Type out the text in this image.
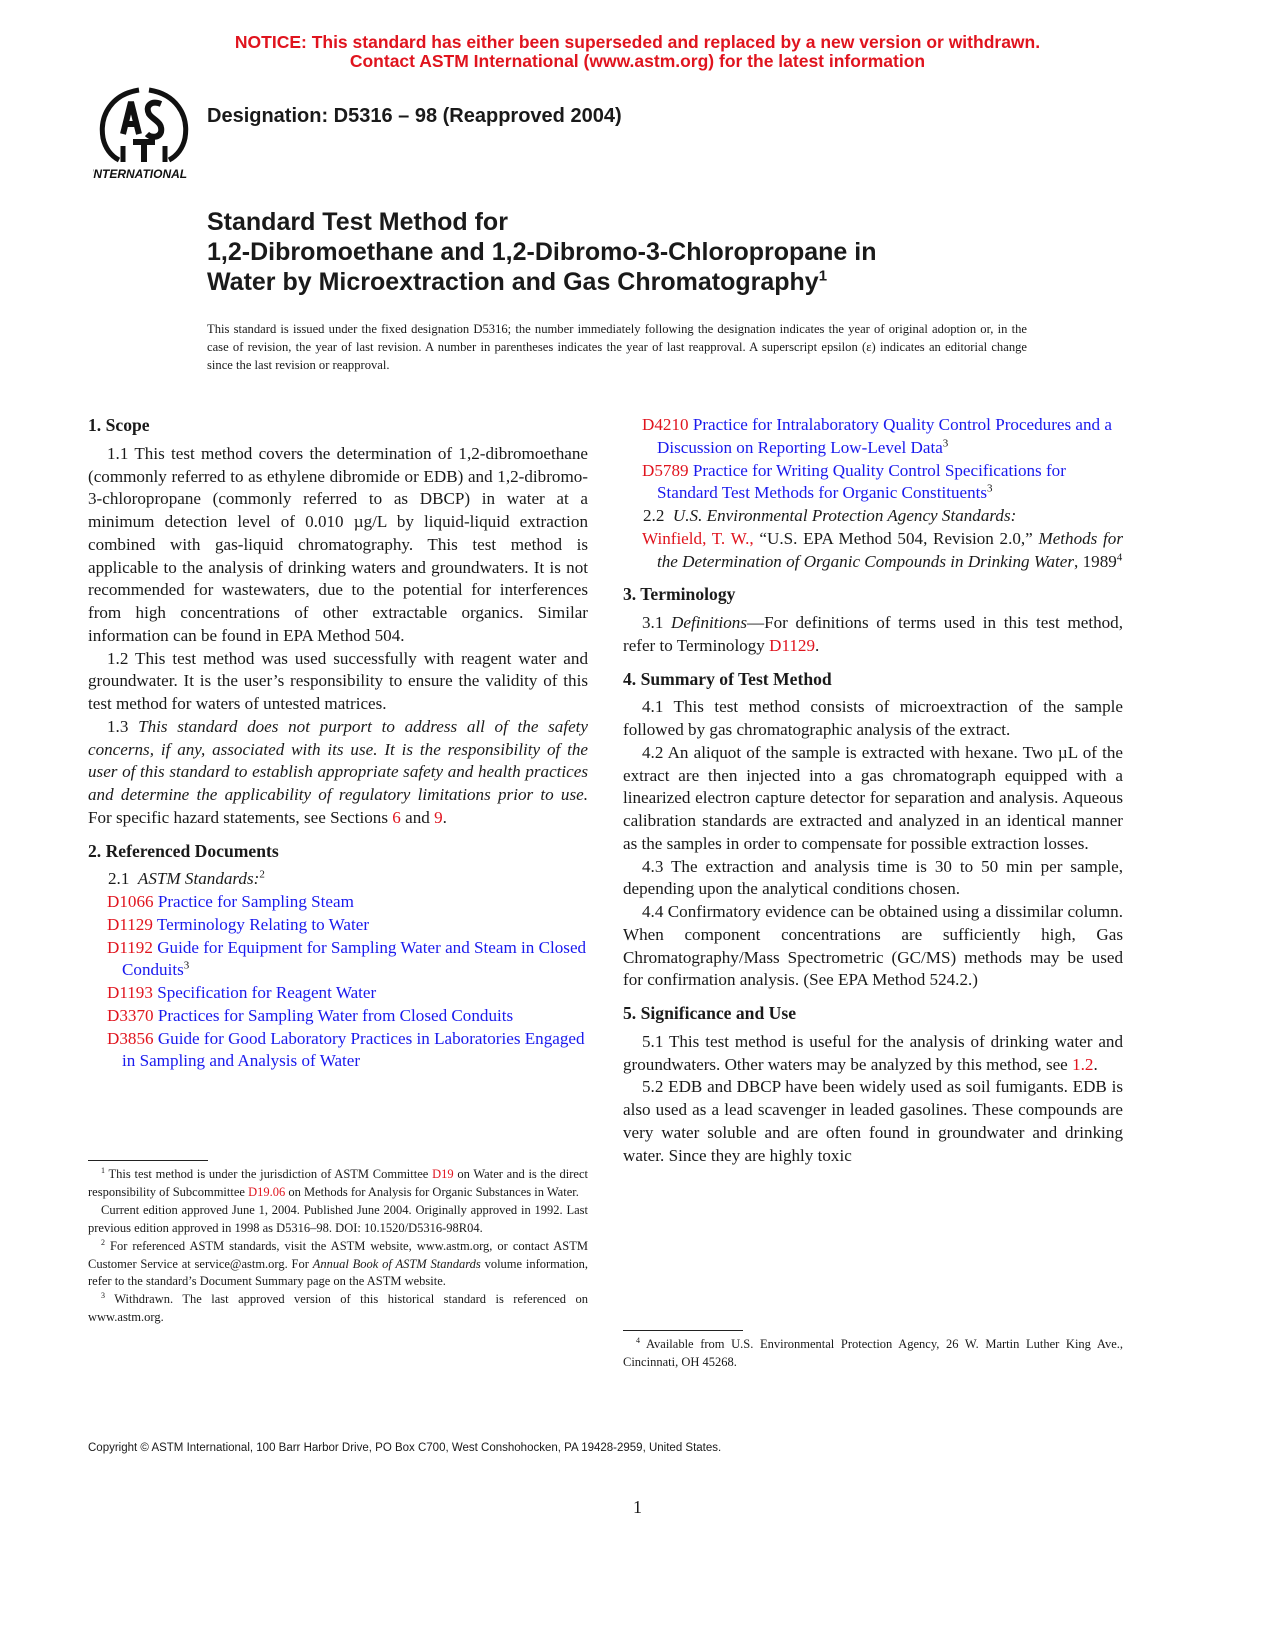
NOTICE: This standard has either been superseded and replaced by a new version or withdrawn.
Contact ASTM International (www.astm.org) for the latest information
INTERNATIONAL
Designation: D5316 – 98 (Reapproved 2004)
Standard Test Method for
1,2-Dibromoethane and 1,2-Dibromo-3-Chloropropane in
Water by Microextraction and Gas Chromatography$^1$
This standard is issued under the fixed designation D5316; the number immediately following the designation indicates the year of original adoption or, in the case of revision, the year of last revision. A number in parentheses indicates the year of last reapproval. A superscript epsilon (ε) indicates an editorial change since the last revision or reapproval.
1. Scope

1.1 This test method covers the determination of 1,2-dibromoethane (commonly referred to as ethylene dibromide or EDB) and 1,2-dibromo-3-chloropropane (commonly referred to as DBCP) in water at a minimum detection level of 0.010 µg/L by liquid-liquid extraction combined with gas-liquid chromatography. This test method is applicable to the analysis of drinking waters and groundwaters. It is not recommended for wastewaters, due to the potential for interferences from high concentrations of other extractable organics. Similar information can be found in EPA Method 504.

1.2 This test method was used successfully with reagent water and groundwater. It is the user’s responsibility to ensure the validity of this test method for waters of untested matrices.

1.3 This standard does not purport to address all of the safety concerns, if any, associated with its use. It is the responsibility of the user of this standard to establish appropriate safety and health practices and determine the applicability of regulatory limitations prior to use. For specific hazard statements, see Sections 6 and 9.

2. Referenced Documents
2.1 ASTM Standards:$^2$
D1066 Practice for Sampling Steam
D1129 Terminology Relating to Water
D1192 Guide for Equipment for Sampling Water and Steam in Closed Conduits$^3$
D1193 Specification for Reagent Water
D3370 Practices for Sampling Water from Closed Conduits
D3856 Guide for Good Laboratory Practices in Laboratories Engaged in Sampling and Analysis of Water
D4210 Practice for Intralaboratory Quality Control Procedures and a Discussion on Reporting Low-Level Data$^3$
D5789 Practice for Writing Quality Control Specifications for Standard Test Methods for Organic Constituents$^3$
2.2 U.S. Environmental Protection Agency Standards:
Winfield, T. W., “U.S. EPA Method 504, Revision 2.0,” Methods for the Determination of Organic Compounds in Drinking Water, 1989$^4$
3. Terminology

3.1 Definitions—For definitions of terms used in this test method, refer to Terminology D1129.

4. Summary of Test Method

4.1 This test method consists of microextraction of the sample followed by gas chromatographic analysis of the extract.

4.2 An aliquot of the sample is extracted with hexane. Two µL of the extract are then injected into a gas chromatograph equipped with a linearized electron capture detector for separation and analysis. Aqueous calibration standards are extracted and analyzed in an identical manner as the samples in order to compensate for possible extraction losses.

4.3 The extraction and analysis time is 30 to 50 min per sample, depending upon the analytical conditions chosen.

4.4 Confirmatory evidence can be obtained using a dissimilar column. When component concentrations are sufficiently high, Gas Chromatography/Mass Spectrometric (GC/MS) methods may be used for confirmation analysis. (See EPA Method 524.2.)

5. Significance and Use

5.1 This test method is useful for the analysis of drinking water and groundwaters. Other waters may be analyzed by this method, see 1.2.

5.2 EDB and DBCP have been widely used as soil fumigants. EDB is also used as a lead scavenger in leaded gasolines. These compounds are very water soluble and are often found in groundwater and drinking water. Since they are highly toxic

$^1$ This test method is under the jurisdiction of ASTM Committee D19 on Water and is the direct responsibility of Subcommittee D19.06 on Methods for Analysis for Organic Substances in Water.

Current edition approved June 1, 2004. Published June 2004. Originally approved in 1992. Last previous edition approved in 1998 as D5316–98. DOI: 10.1520/D5316-98R04.

$^2$ For referenced ASTM standards, visit the ASTM website, www.astm.org, or contact ASTM Customer Service at service@astm.org. For Annual Book of ASTM Standards volume information, refer to the standard’s Document Summary page on the ASTM website.

$^3$ Withdrawn. The last approved version of this historical standard is referenced on www.astm.org.

$^4$ Available from U.S. Environmental Protection Agency, 26 W. Martin Luther King Ave., Cincinnati, OH 45268.

Copyright © ASTM International, 100 Barr Harbor Drive, PO Box C700, West Conshohocken, PA 19428-2959, United States.
1
